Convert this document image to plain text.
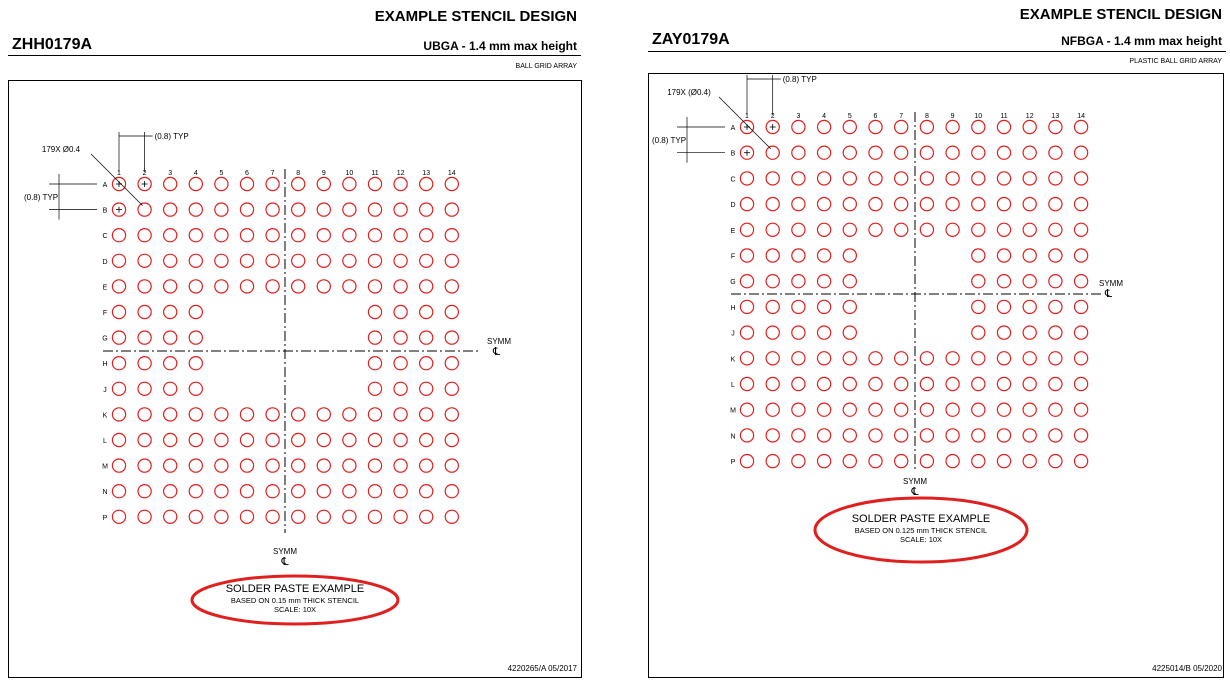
EXAMPLE STENCIL DESIGN
ZHH0179A	UBGA - 1.4 mm max height
BALL GRID ARRAY
1	2	3	4	5	6	7	8	9	10	11	12	13	14
A
B
C
D
E
F
G
H
J
K
L
M
N
P
(0.8) TYP
(0.8) TYP
179X Ø0.4
SYMM
℄
SYMM
℄
SOLDER PASTE EXAMPLE
BASED ON 0.15 mm THICK STENCIL
SCALE: 10X
4220265/A 05/2017
EXAMPLE STENCIL DESIGN
ZAY0179A	NFBGA - 1.4 mm max height
PLASTIC BALL GRID ARRAY
1	2	3	4	5	6	7	8	9	10	11	12	13	14
A
B
C
D
E
F
G
H
J
K
L
M
N
P
(0.8) TYP
(0.8) TYP
179X (Ø0.4)
SYMM
℄
SYMM
℄
SOLDER PASTE EXAMPLE
BASED ON 0.125 mm THICK STENCIL
SCALE: 10X
4225014/B 05/2020
